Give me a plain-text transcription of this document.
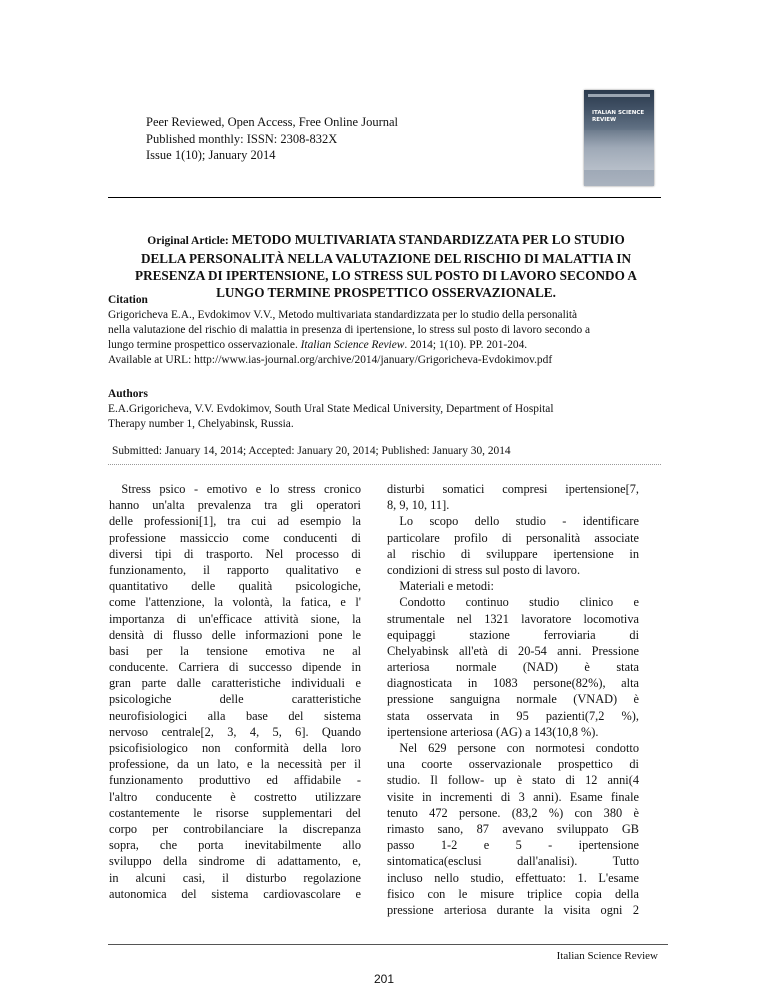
Peer Reviewed, Open Access, Free Online Journal
Published monthly: ISSN: 2308-832X
Issue 1(10); January 2014
ITALIAN SCIENCE REVIEW
Original Article: METODO MULTIVARIATA STANDARDIZZATA PER LO STUDIO
DELLA PERSONALITÀ NELLA VALUTAZIONE DEL RISCHIO DI MALATTIA IN
PRESENZA DI IPERTENSIONE, LO STRESS SUL POSTO DI LAVORO SECONDO A
LUNGO TERMINE PROSPETTICO OSSERVAZIONALE.
Citation
Grigoricheva E.A., Evdokimov V.V., Metodo multivariata standardizzata per lo studio della personalità
nella valutazione del rischio di malattia in presenza di ipertensione, lo stress sul posto di lavoro secondo a
lungo termine prospettico osservazionale. Italian Science Review. 2014; 1(10). PP. 201-204.
Available at URL: http://www.ias-journal.org/archive/2014/january/Grigoricheva-Evdokimov.pdf
Authors
E.A.Grigoricheva, V.V. Evdokimov, South Ural State Medical University, Department of Hospital
Therapy number 1, Chelyabinsk, Russia.
Submitted: January 14, 2014; Accepted: January 20, 2014; Published: January 30, 2014
 Stress psico - emotivo e lo stress cronico
hanno un'alta prevalenza tra gli operatori
delle professioni[1], tra cui ad esempio la
professione massiccio come conducenti di
diversi tipi di trasporto. Nel processo di
funzionamento, il rapporto qualitativo e
quantitativo delle qualità psicologiche,
come l'attenzione, la volontà, la fatica, e l'
importanza di un'efficace attività sione, la
densità di flusso delle informazioni pone le
basi per la tensione emotiva ne al
conducente. Carriera di successo dipende in
gran parte dalle caratteristiche individuali e
psicologiche delle caratteristiche
neurofisiologici alla base del sistema
nervoso centrale[2, 3, 4, 5, 6]. Quando
psicofisiologico non conformità della loro
professione, da un lato, e la necessità per il
funzionamento produttivo ed affidabile -
l'altro conducente è costretto utilizzare
costantemente le risorse supplementari del
corpo per controbilanciare la discrepanza
sopra, che porta inevitabilmente allo
sviluppo della sindrome di adattamento, e,
in alcuni casi, il disturbo regolazione
autonomica del sistema cardiovascolare e
disturbi somatici compresi ipertensione[7,
8, 9, 10, 11].
 Lo scopo dello studio - identificare
particolare profilo di personalità associate
al rischio di sviluppare ipertensione in
condizioni di stress sul posto di lavoro.
 Materiali e metodi:
 Condotto continuo studio clinico e
strumentale nel 1321 lavoratore locomotiva
equipaggi stazione ferroviaria di
Chelyabinsk all'età di 20-54 anni. Pressione
arteriosa normale (NAD) è stata
diagnosticata in 1083 persone(82%), alta
pressione sanguigna normale (VNAD) è
stata osservata in 95 pazienti(7,2 %),
ipertensione arteriosa (AG) a 143(10,8 %).
 Nel 629 persone con normotesi condotto
una coorte osservazionale prospettico di
studio. Il follow- up è stato di 12 anni(4
visite in incrementi di 3 anni). Esame finale
tenuto 472 persone. (83,2 %) con 380 è
rimasto sano, 87 avevano sviluppato GB
passo 1-2 e 5 - ipertensione
sintomatica(esclusi dall'analisi). Tutto
incluso nello studio, effettuato: 1. L'esame
fisico con le misure triplice copia della
pressione arteriosa durante la visita ogni 2
Italian Science Review
201
